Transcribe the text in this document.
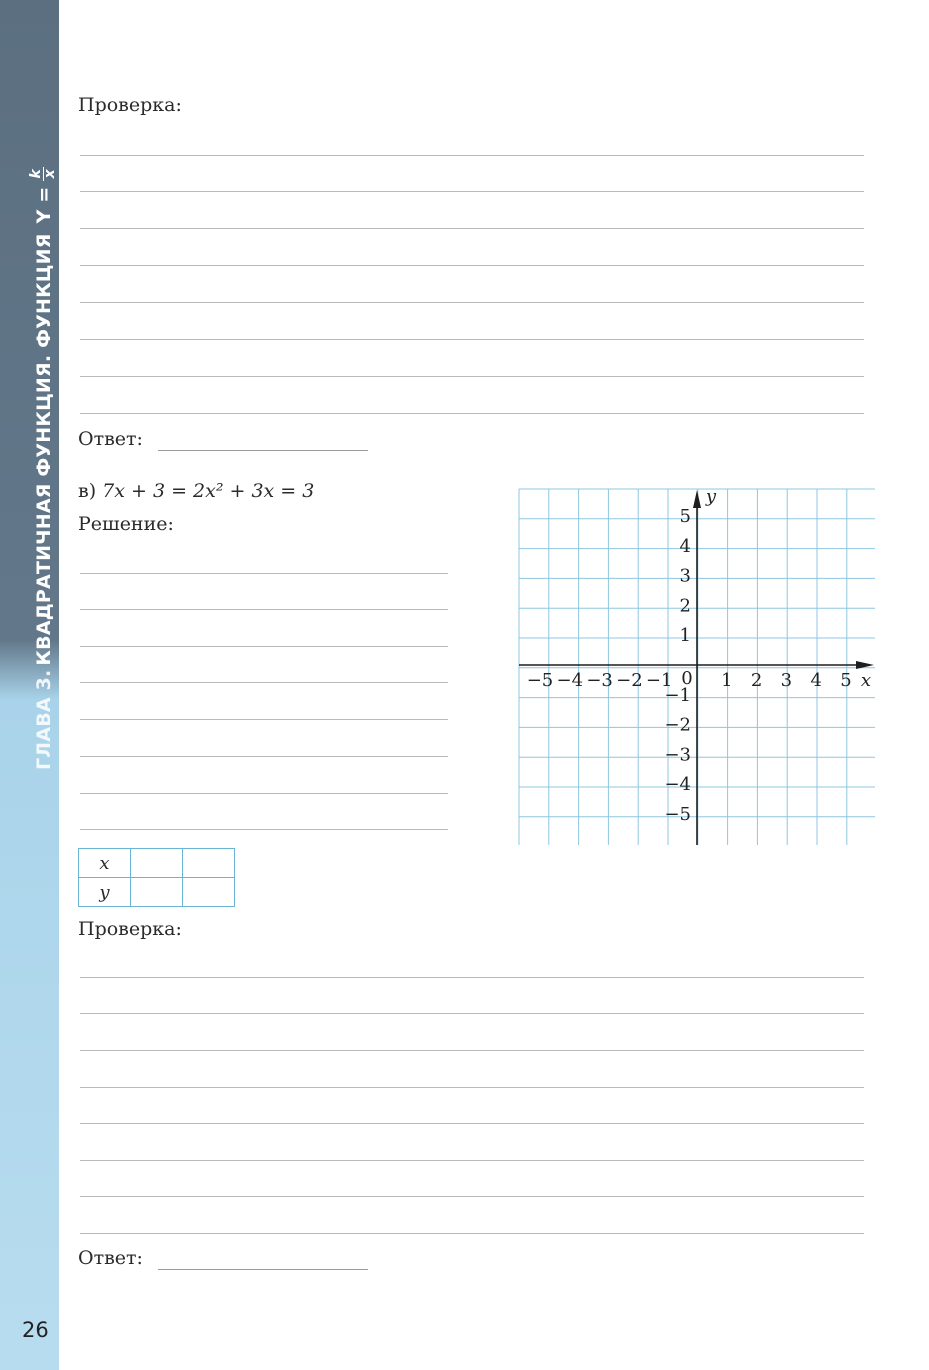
ГЛАВА 3.
КВАДРАТИЧНАЯ ФУНКЦИЯ. ФУНКЦИЯ
Y =
k
x
26
Проверка:
Ответ:
в) 7x + 3 = 2x² + 3x = 3
Решение:
x
y
0
−5 −4 −3 −2 −1	1 2 3 4 5
5
4
3
2
1
−1
−2
−3
−4
−5
x		
y		
Проверка:
Ответ:
